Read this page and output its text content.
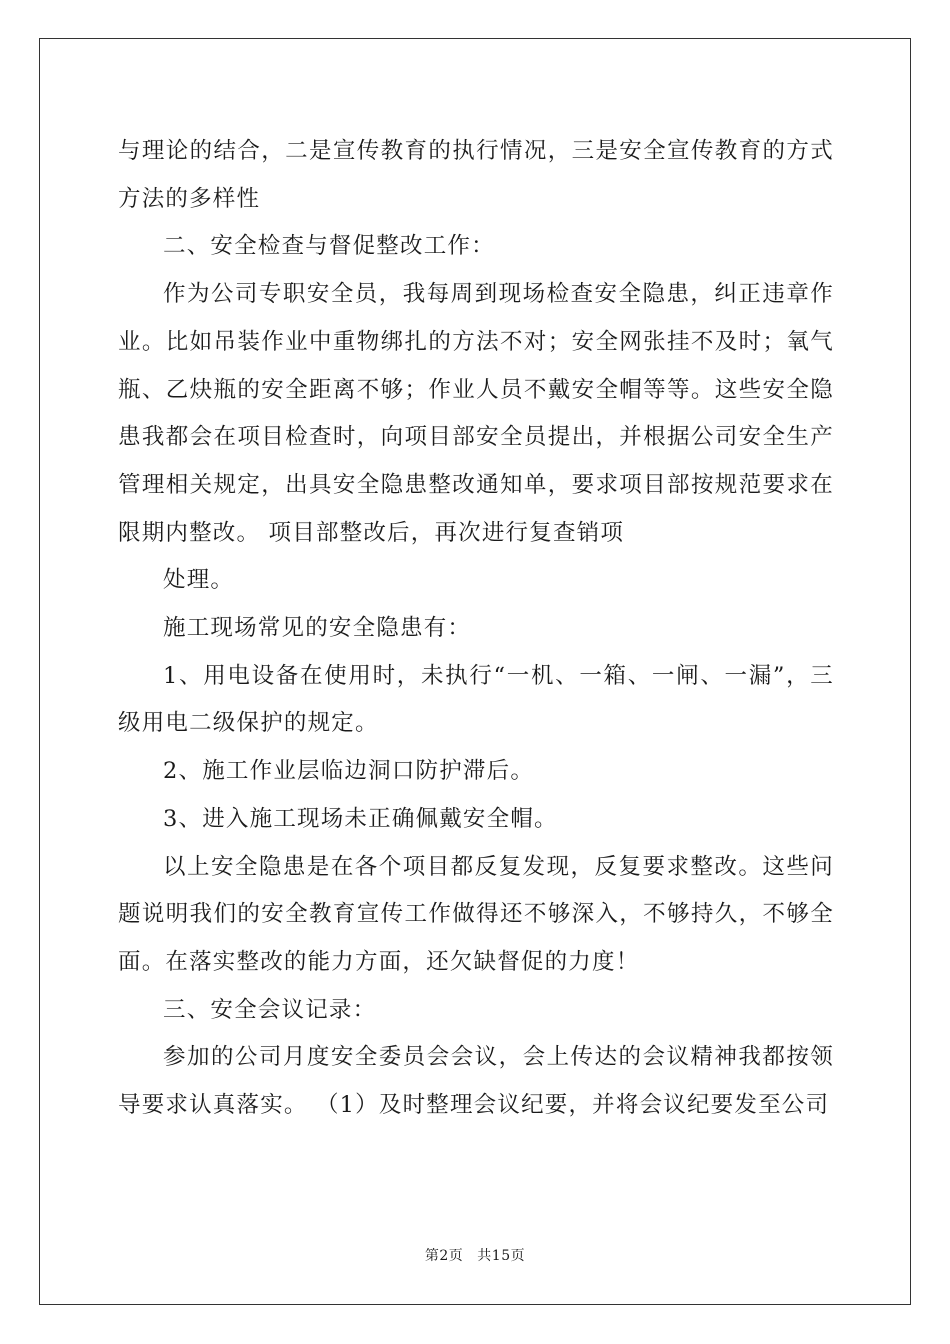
与理论的结合，二是宣传教育的执行情况，三是安全宣传教育的方式方法的多样性

二、安全检查与督促整改工作：

作为公司专职安全员，我每周到现场检查安全隐患，纠正违章作业。比如吊装作业中重物绑扎的方法不对；安全网张挂不及时；氧气瓶、乙炔瓶的安全距离不够；作业人员不戴安全帽等等。这些安全隐患我都会在项目检查时，向项目部安全员提出，并根据公司安全生产管理相关规定，出具安全隐患整改通知单，要求项目部按规范要求在限期内整改。 项目部整改后，再次进行复查销项

处理。

施工现场常见的安全隐患有：

1、用电设备在使用时，未执行“一机、一箱、一闸、一漏”，三级用电二级保护的规定。

2、施工作业层临边洞口防护滞后。

3、进入施工现场未正确佩戴安全帽。

以上安全隐患是在各个项目都反复发现，反复要求整改。这些问题说明我们的安全教育宣传工作做得还不够深入，不够持久，不够全面。在落实整改的能力方面，还欠缺督促的力度！

三、安全会议记录：

参加的公司月度安全委员会会议，会上传达的会议精神我都按领导要求认真落实。 （1）及时整理会议纪要，并将会议纪要发至公司

第2页 共15页
